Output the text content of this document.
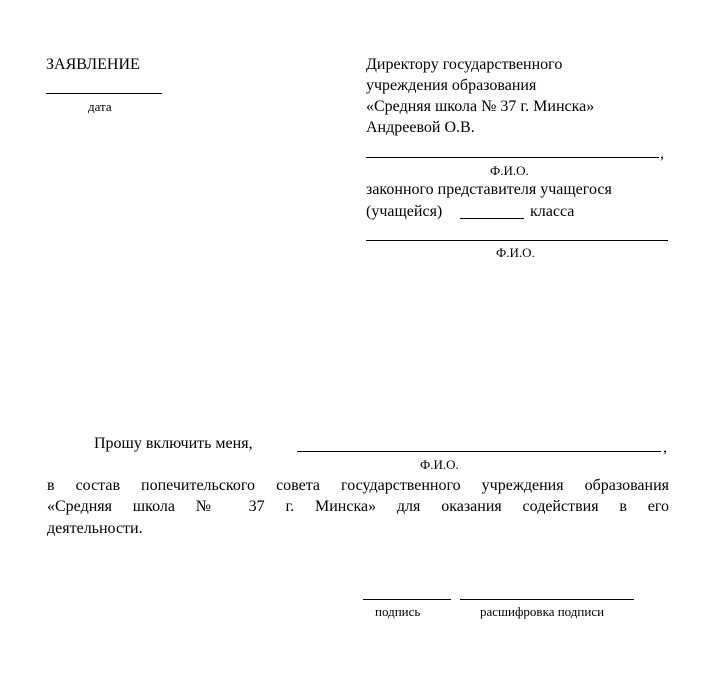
ЗАЯВЛЕНИЕ
дата
Директору государственного
учреждения образования
«Средняя школа № 37 г. Минска»
Андреевой О.В.
,
Ф.И.О.
законного представителя учащегося
(учащейся)	класса
Ф.И.О.
Прошу включить меня,	,
Ф.И.О.
в состав попечительского совета государственного учреждения образования
«Средняя школа № 37 г. Минска» для оказания содействия в его
деятельности.
подпись	расшифровка подписи
